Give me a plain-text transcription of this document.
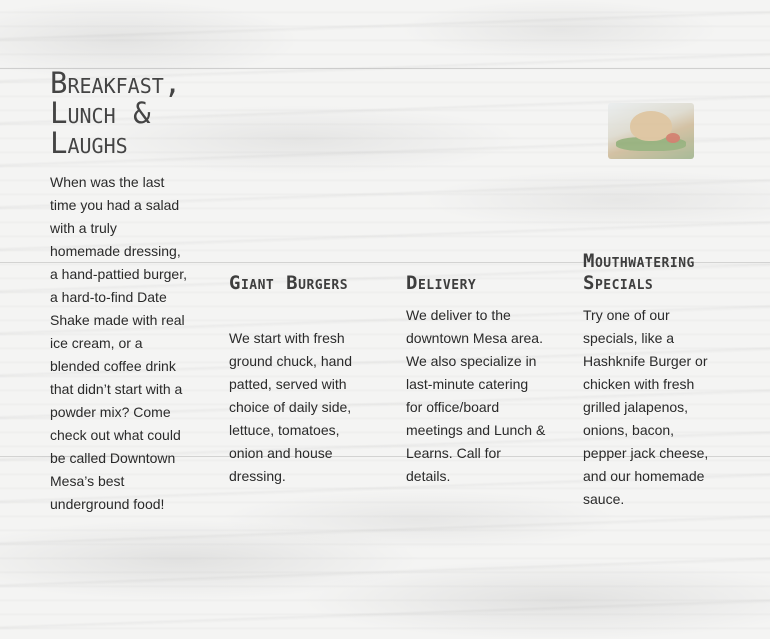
Breakfast, Lunch & Laughs

When was the last time you had a salad with a truly homemade dressing, a hand-pattied burger, a hard-to-find Date Shake made with real ice cream, or a blended coffee drink that didn’t start with a powder mix? Come check out what could be called Downtown Mesa’s best underground food!

Giant Burgers

We start with fresh ground chuck, hand patted, served with choice of daily side, lettuce, tomatoes, onion and house dressing.

Delivery

We deliver to the downtown Mesa area. We also specialize in last-minute catering for office/board meetings and Lunch & Learns. Call for details.

Mouthwatering Specials

Try one of our specials, like a Hashknife Burger or chicken with fresh grilled jalapenos, onions, bacon, pepper jack cheese, and our homemade sauce.
